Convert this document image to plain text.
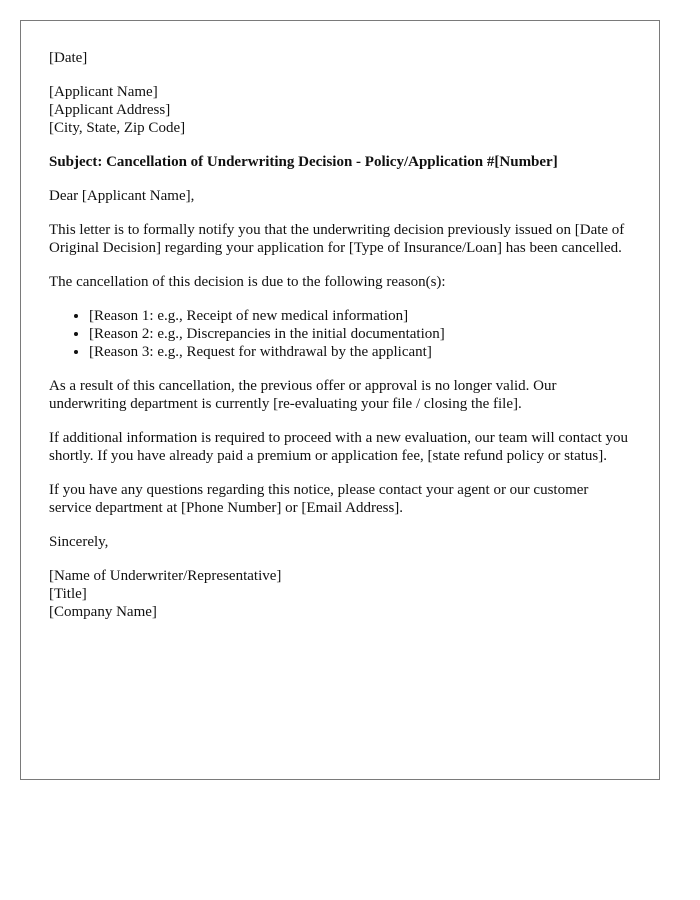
[Date]

[Applicant Name]
[Applicant Address]
[City, State, Zip Code]

Subject: Cancellation of Underwriting Decision - Policy/Application #[Number]

Dear [Applicant Name],

This letter is to formally notify you that the underwriting decision previously issued on [Date of Original Decision] regarding your application for [Type of Insurance/Loan] has been cancelled.

The cancellation of this decision is due to the following reason(s):

• [Reason 1: e.g., Receipt of new medical information]
• [Reason 2: e.g., Discrepancies in the initial documentation]
• [Reason 3: e.g., Request for withdrawal by the applicant]

As a result of this cancellation, the previous offer or approval is no longer valid. Our underwriting department is currently [re-evaluating your file / closing the file].

If additional information is required to proceed with a new evaluation, our team will contact you shortly. If you have already paid a premium or application fee, [state refund policy or status].

If you have any questions regarding this notice, please contact your agent or our customer service department at [Phone Number] or [Email Address].

Sincerely,

[Name of Underwriter/Representative]
[Title]
[Company Name]
